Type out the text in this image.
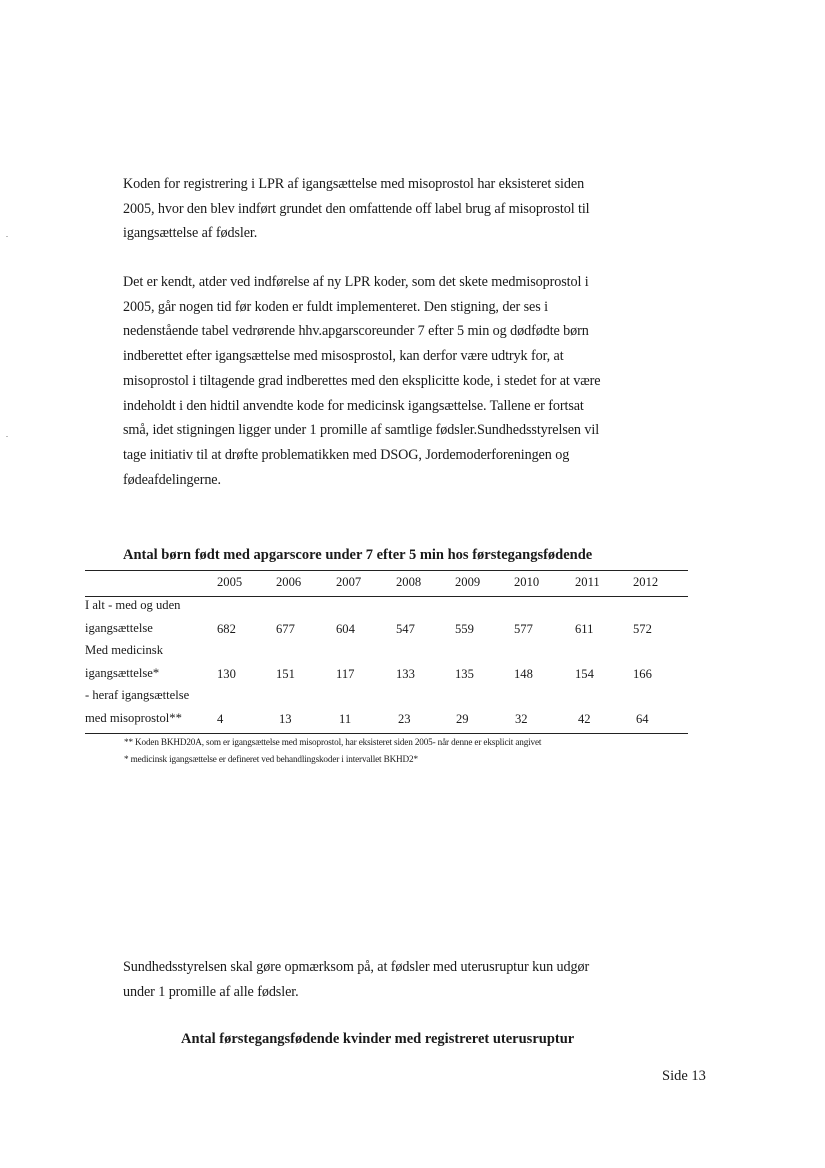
Koden for registrering i LPR af igangsættelse med misoprostol har eksisteret siden
2005, hvor den blev indført grundet den omfattende off label brug af misoprostol til
igangsættelse af fødsler.

Det er kendt, atder ved indførelse af ny LPR koder, som det skete medmisoprostol i
2005, går nogen tid før koden er fuldt implementeret. Den stigning, der ses i
nedenstående tabel vedrørende hhv.apgarscoreunder 7 efter 5 min og dødfødte børn
indberettet efter igangsættelse med misosprostol, kan derfor være udtryk for, at
misoprostol i tiltagende grad indberettes med den eksplicitte kode, i stedet for at være
indeholdt i den hidtil anvendte kode for medicinsk igangsættelse. Tallene er fortsat
små, idet stigningen ligger under 1 promille af samtlige fødsler.Sundhedsstyrelsen vil
tage initiativ til at drøfte problematikken med DSOG, Jordemoderforeningen og
fødeafdelingerne.

Antal børn født med apgarscore under 7 efter 5 min hos førstegangsfødende

2005	2006	2007	2008	2009	2010	2011	2012
I alt - med og uden
igangsættelse	682	677	604	547	559	577	611	572
Med medicinsk
igangsættelse*	130	151	117	133	135	148	154	166
- heraf igangsættelse
med misoprostol**	4	13	11	23	29	32	42	64
** Koden BKHD20A, som er igangsættelse med misoprostol, har eksisteret siden 2005- når denne er eksplicit angivet
* medicinsk igangsættelse er defineret ved behandlingskoder i intervallet BKHD2*

Sundhedsstyrelsen skal gøre opmærksom på, at fødsler med uterusruptur kun udgør
under 1 promille af alle fødsler.

Antal førstegangsfødende kvinder med registreret uterusruptur

Side 13
